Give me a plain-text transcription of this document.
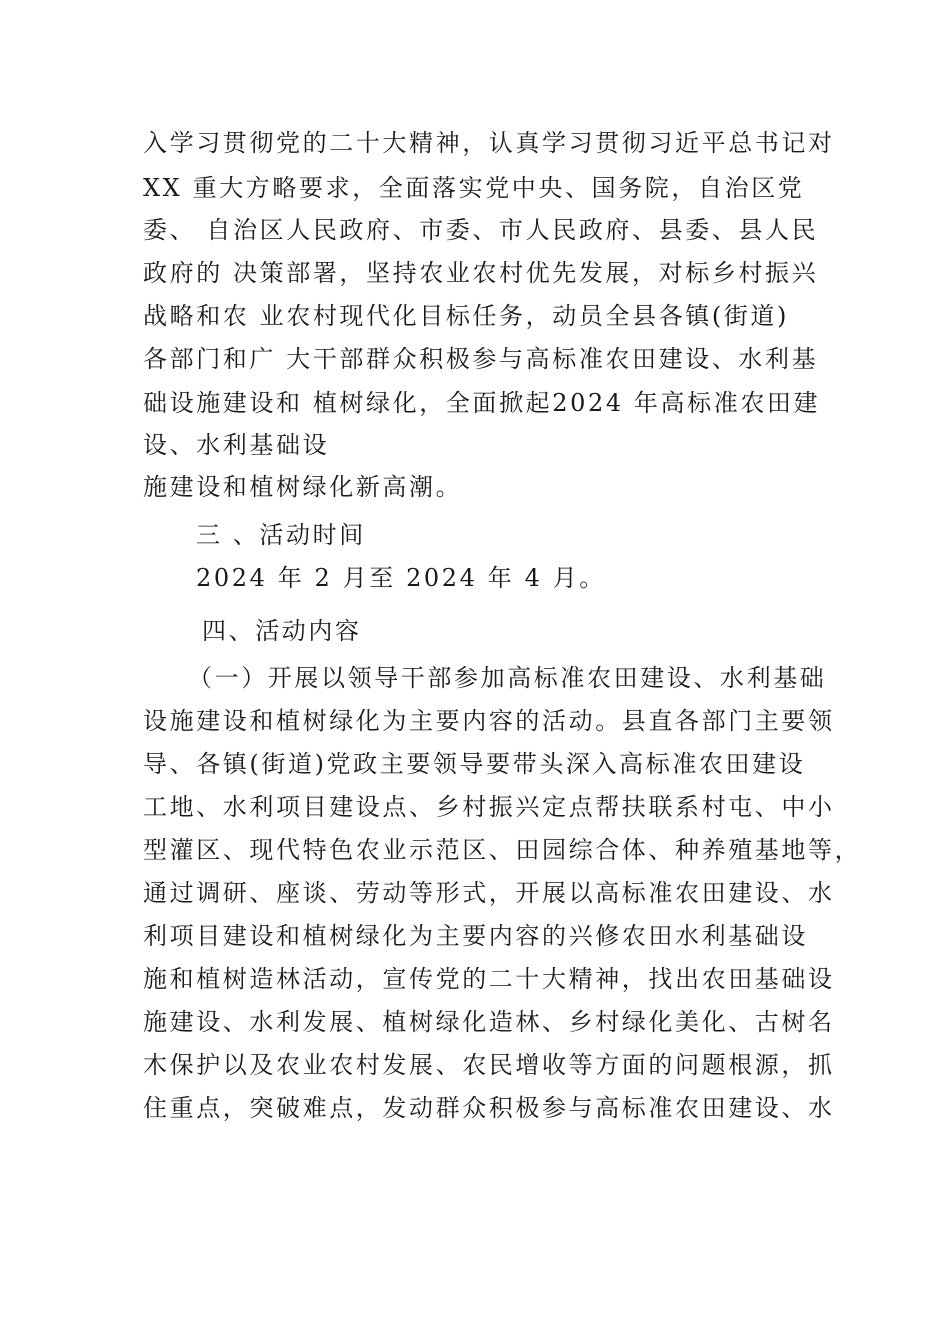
入学习贯彻党的二十大精神，认真学习贯彻习近平总书记对
XX 重大方略要求，全面落实党中央、国务院，自治区党
委、 自治区人民政府、市委、市人民政府、县委、县人民
政府的 决策部署，坚持农业农村优先发展，对标乡村振兴
战略和农 业农村现代化目标任务，动员全县各镇(街道)
各部门和广 大干部群众积极参与高标准农田建设、水利基
础设施建设和 植树绿化，全面掀起2024 年高标准农田建
设、水利基础设
施建设和植树绿化新高潮。
三 、活动时间
2024 年 2 月至 2024 年 4 月。
四、活动内容
（一）开展以领导干部参加高标准农田建设、水利基础
设施建设和植树绿化为主要内容的活动。县直各部门主要领
导、各镇(街道)党政主要领导要带头深入高标准农田建设
工地、水利项目建设点、乡村振兴定点帮扶联系村屯、中小
型灌区、现代特色农业示范区、田园综合体、种养殖基地等，
通过调研、座谈、劳动等形式，开展以高标准农田建设、水
利项目建设和植树绿化为主要内容的兴修农田水利基础设
施和植树造林活动，宣传党的二十大精神，找出农田基础设
施建设、水利发展、植树绿化造林、乡村绿化美化、古树名
木保护以及农业农村发展、农民增收等方面的问题根源，抓
住重点，突破难点，发动群众积极参与高标准农田建设、水
